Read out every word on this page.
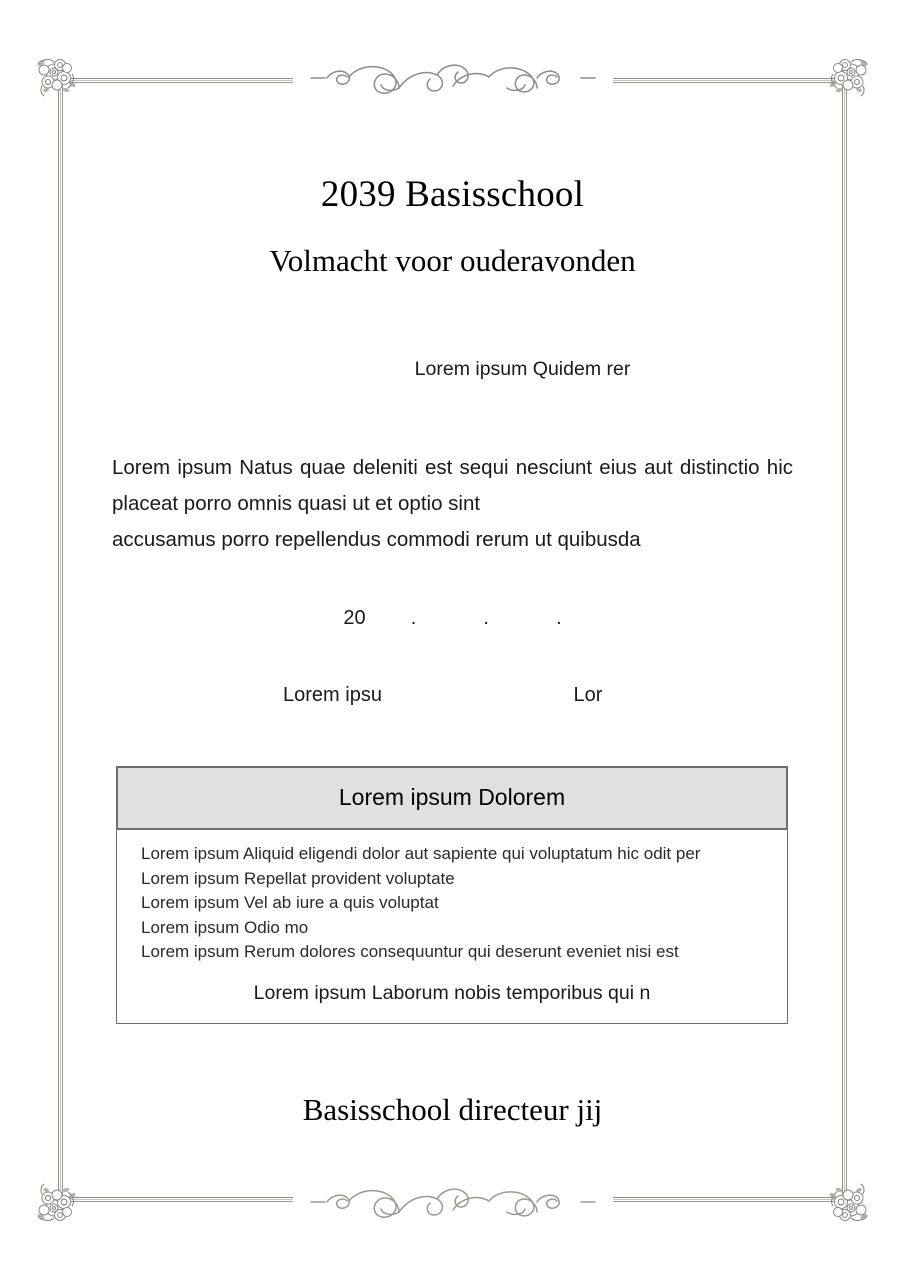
2039 Basisschool
Volmacht voor ouderavonden
Lorem ipsum Quidem rer
Lorem ipsum Natus quae deleniti est sequi nesciunt eius aut distinctio hic placeat porro omnis quasi ut et optio sint
accusamus porro repellendus commodi rerum ut quibusda
20 .	.	.
Lorem ipsu	Lor
Lorem ipsum Dolorem
Lorem ipsum Aliquid eligendi dolor aut sapiente qui voluptatum hic odit per
Lorem ipsum Repellat provident voluptate
Lorem ipsum Vel ab iure a quis voluptat
Lorem ipsum Odio mo
Lorem ipsum Rerum dolores consequuntur qui deserunt eveniet nisi est
Lorem ipsum Laborum nobis temporibus qui n
Basisschool directeur jij
